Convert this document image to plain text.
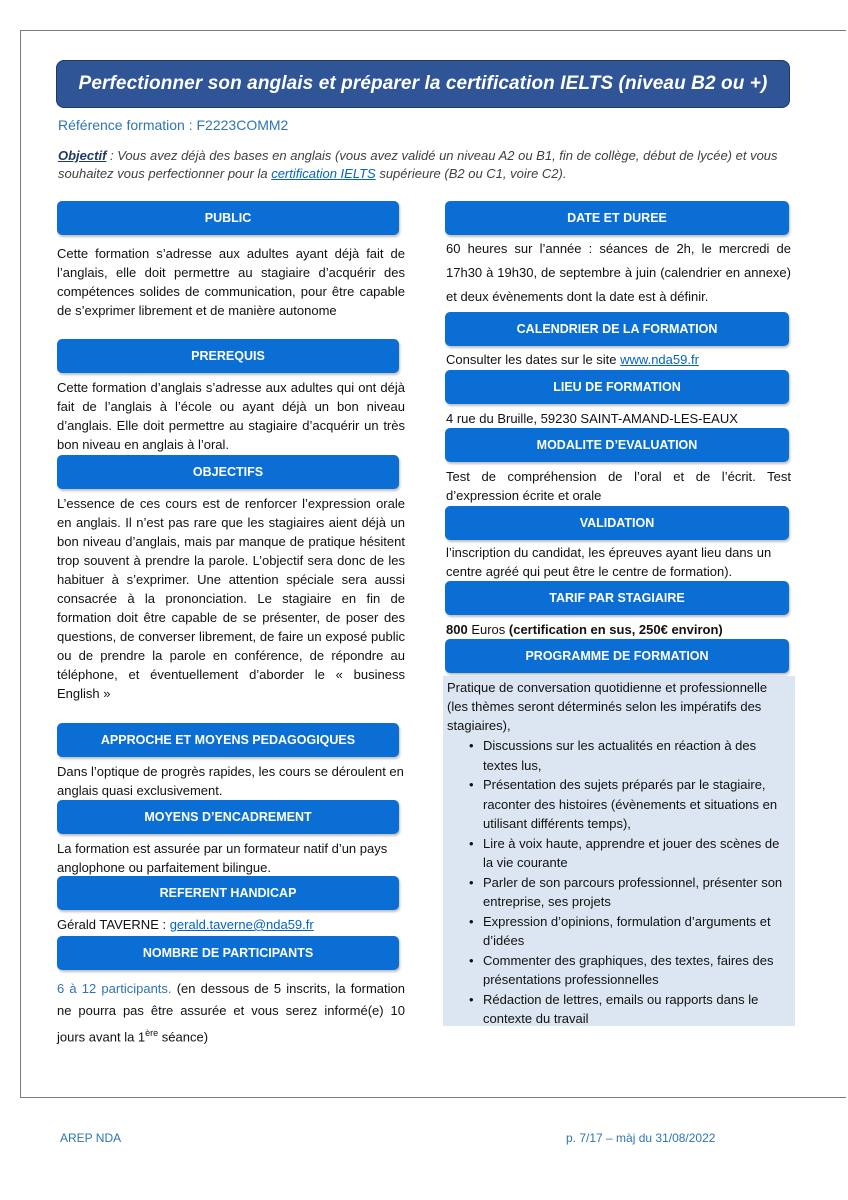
Perfectionner son anglais et préparer la certification IELTS (niveau B2 ou +)
Référence formation : F2223COMM2
Objectif : Vous avez déjà des bases en anglais (vous avez validé un niveau A2 ou B1, fin de collège, début de lycée) et vous souhaitez vous perfectionner pour la certification IELTS supérieure (B2 ou C1, voire C2).
PUBLIC
Cette formation s’adresse aux adultes ayant déjà fait de l’anglais, elle doit permettre au stagiaire d’acquérir des compétences solides de communication, pour être capable de s’exprimer librement et de manière autonome
PREREQUIS
Cette formation d’anglais s’adresse aux adultes qui ont déjà fait de l’anglais à l’école ou ayant déjà un bon niveau d’anglais. Elle doit permettre au stagiaire d’acquérir un très bon niveau en anglais à l’oral.
OBJECTIFS
L’essence de ces cours est de renforcer l’expression orale en anglais. Il n’est pas rare que les stagiaires aient déjà un bon niveau d’anglais, mais par manque de pratique hésitent trop souvent à prendre la parole. L’objectif sera donc de les habituer à s’exprimer. Une attention spéciale sera aussi consacrée à la prononciation. Le stagiaire en fin de formation doit être capable de se présenter, de poser des questions, de converser librement, de faire un exposé public ou de prendre la parole en conférence, de répondre au téléphone, et éventuellement d’aborder le « business English »
APPROCHE ET MOYENS PEDAGOGIQUES
Dans l’optique de progrès rapides, les cours se déroulent en anglais quasi exclusivement.
MOYENS D’ENCADREMENT
La formation est assurée par un formateur natif d’un pays anglophone ou parfaitement bilingue.
REFERENT HANDICAP
Gérald TAVERNE : gerald.taverne@nda59.fr
NOMBRE DE PARTICIPANTS
6 à 12 participants. (en dessous de 5 inscrits, la formation ne pourra pas être assurée et vous serez informé(e) 10 jours avant la 1ère séance)
DATE ET DUREE
60 heures sur l’année : séances de 2h, le mercredi de 17h30 à 19h30, de septembre à juin (calendrier en annexe) et deux évènements dont la date est à définir.
CALENDRIER DE LA FORMATION
Consulter les dates sur le site www.nda59.fr
LIEU DE FORMATION
4 rue du Bruille, 59230 SAINT-AMAND-LES-EAUX
MODALITE D’EVALUATION
Test de compréhension de l’oral et de l’écrit. Test d’expression écrite et orale
VALIDATION
l’inscription du candidat, les épreuves ayant lieu dans un centre agréé qui peut être le centre de formation).
TARIF PAR STAGIAIRE
800 Euros (certification en sus, 250€ environ)
PROGRAMME DE FORMATION
Pratique de conversation quotidienne et professionnelle (les thèmes seront déterminés selon les impératifs des stagiaires),
• Discussions sur les actualités en réaction à des textes lus,
• Présentation des sujets préparés par le stagiaire, raconter des histoires (évènements et situations en utilisant différents temps),
• Lire à voix haute, apprendre et jouer des scènes de la vie courante
• Parler de son parcours professionnel, présenter son entreprise, ses projets
• Expression d’opinions, formulation d’arguments et d’idées
• Commenter des graphiques, des textes, faires des présentations professionnelles
• Rédaction de lettres, emails ou rapports dans le contexte du travail
AREP NDA	p. 7/17 – màj du 31/08/2022
